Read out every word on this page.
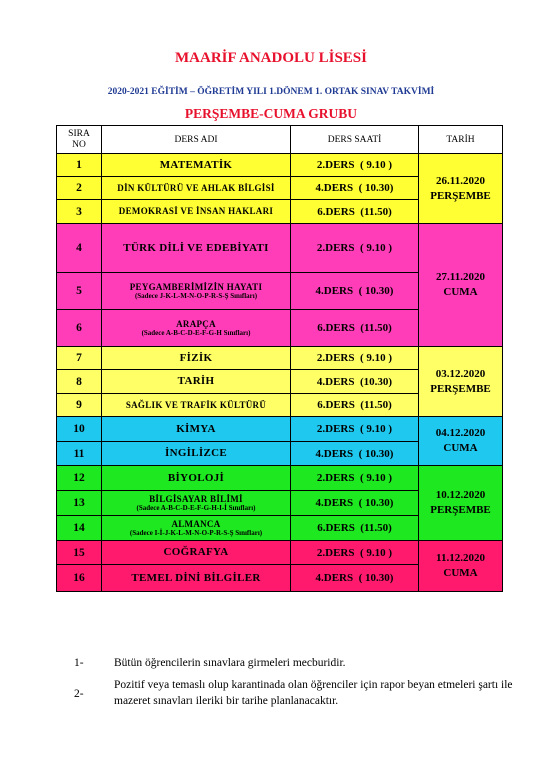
MAARİF ANADOLU LİSESİ
2020-2021 EĞİTİM – ÖĞRETİM YILI 1.DÖNEM 1. ORTAK SINAV TAKVİMİ
PERŞEMBE-CUMA GRUBU
SIRA NO	DERS ADI	DERS SAATİ	TARİH
1	MATEMATİK	2.DERS  ( 9.10 )	26.11.2020
PERŞEMBE

2	DİN KÜLTÜRÜ VE AHLAK BİLGİSİ	4.DERS  ( 10.30)	
3	DEMOKRASİ VE İNSAN HAKLARI	6.DERS  (11.50)	
4	TÜRK DİLİ VE EDEBİYATI	2.DERS  ( 9.10 )	27.11.2020
CUMA

5	PEYGAMBERİMİZİN HAYATI
(Sadece J-K-L-M-N-O-P-R-S-Ş Sınıfları)	4.DERS  ( 10.30)	
6	ARAPÇA
(Sadece A-B-C-D-E-F-G-H Sınıfları)	6.DERS  (11.50)	
7	FİZİK	2.DERS  ( 9.10 )	03.12.2020
PERŞEMBE

8	TARİH	4.DERS  (10.30)	
9	SAĞLIK VE TRAFİK KÜLTÜRÜ	6.DERS  (11.50)	
10	KİMYA	2.DERS  ( 9.10 )	04.12.2020
CUMA

11	İNGİLİZCE	4.DERS  ( 10.30)	
12	BİYOLOJİ	2.DERS  ( 9.10 )	10.12.2020
PERŞEMBE

13	BİLGİSAYAR BİLİMİ
(Sadece A-B-C-D-E-F-G-H-I-İ Sınıfları)	4.DERS  ( 10.30)	
14	ALMANCA
(Sadece I-İ-J-K-L-M-N-O-P-R-S-Ş Sınıfları)	6.DERS  (11.50)	
15	COĞRAFYA	2.DERS  ( 9.10 )	11.12.2020
CUMA

16	TEMEL DİNİ BİLGİLER	4.DERS  ( 10.30)	
1-	Bütün öğrencilerin sınavlara girmeleri mecburidir.
2-
Pozitif veya temaslı olup karantinada olan öğrenciler için rapor beyan etmeleri şartı ile mazeret sınavları ileriki bir tarihe planlanacaktır.
